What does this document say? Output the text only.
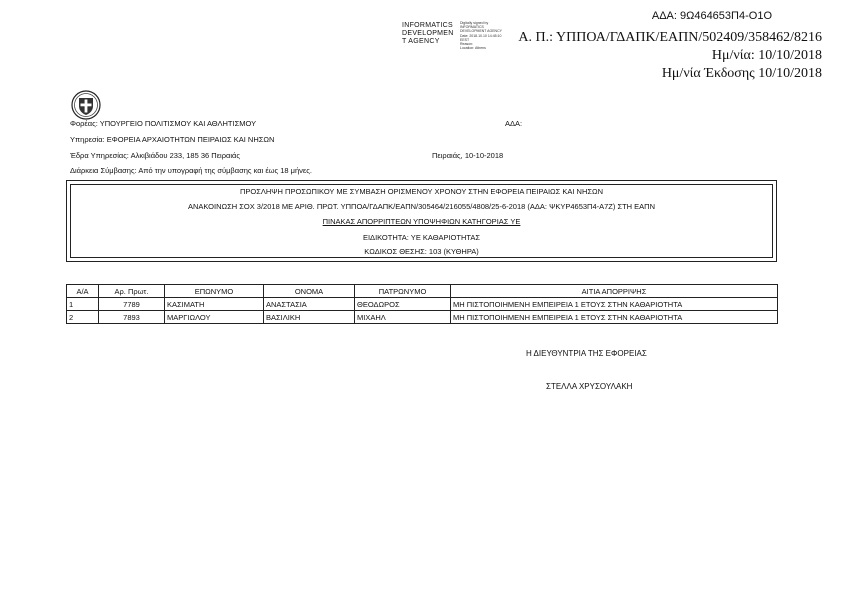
ΑΔΑ: 9Ω464653Π4-Ο1Ο
Α. Π.: ΥΠΠΟΑ/ΓΔΑΠΚ/ΕΑΠΝ/502409/358462/8216
Ημ/νία: 10/10/2018
Ημ/νία Έκδοσης 10/10/2018
INFORMATICS
DEVELOPMEN
T AGENCY
Digitally signed by
INFORMATICS
DEVELOPMENT AGENCY
Date: 2018.10.10 14:45:10
EEST
Reason:
Location: Athens
Φορέας: ΥΠΟΥΡΓΕΙΟ ΠΟΛΙΤΙΣΜΟΥ ΚΑΙ ΑΘΛΗΤΙΣΜΟΥ	ΑΔΑ:
Υπηρεσία: ΕΦΟΡΕΙΑ ΑΡΧΑΙΟΤΗΤΩΝ ΠΕΙΡΑΙΩΣ ΚΑΙ ΝΗΣΩΝ
Έδρα Υπηρεσίας: Αλκιβιάδου 233, 185 36 Πειραιάς	Πειραιάς, 10-10-2018
Διάρκεια Σύμβασης: Από την υπογραφή της σύμβασης και έως 18 μήνες.
ΠΡΟΣΛΗΨΗ ΠΡΟΣΩΠΙΚΟΥ ΜΕ ΣΥΜΒΑΣΗ ΟΡΙΣΜΕΝΟΥ ΧΡΟΝΟΥ ΣΤΗΝ ΕΦΟΡΕΙΑ ΠΕΙΡΑΙΩΣ ΚΑΙ ΝΗΣΩΝ
ΑΝΑΚΟΙΝΩΣΗ ΣΟΧ 3/2018 ΜΕ ΑΡΙΘ. ΠΡΩΤ. ΥΠΠΟΑ/ΓΔΑΠΚ/ΕΑΠΝ/305464/216055/4808/25-6-2018 (ΑΔΑ: ΨΚΥΡ4653Π4-Α7Ζ) ΣΤΗ ΕΑΠΝ
ΠΙΝΑΚΑΣ ΑΠΟΡΡΙΠΤΕΩΝ ΥΠΟΨΗΦΙΩΝ ΚΑΤΗΓΟΡΙΑΣ ΥΕ
ΕΙΔΙΚΟΤΗΤΑ: ΥΕ ΚΑΘΑΡΙΟΤΗΤΑΣ
ΚΩΔΙΚΟΣ ΘΕΣΗΣ: 103 (ΚΥΘΗΡΑ)
Α/Α	Αρ. Πρωτ.	ΕΠΩΝΥΜΟ	ΟΝΟΜΑ	ΠΑΤΡΩΝΥΜΟ	ΑΙΤΙΑ ΑΠΟΡΡΙΨΗΣ
1	7789	ΚΑΣΙΜΑΤΗ	ΑΝΑΣΤΑΣΙΑ	ΘΕΟΔΩΡΟΣ	ΜΗ ΠΙΣΤΟΠΟΙΗΜΕΝΗ ΕΜΠΕΙΡΕΙΑ 1 ΕΤΟΥΣ ΣΤΗΝ ΚΑΘΑΡΙΟΤΗΤΑ
2	7893	ΜΑΡΓΙΩΛΟΥ	ΒΑΣΙΛΙΚΗ	ΜΙΧΑΗΛ	ΜΗ ΠΙΣΤΟΠΟΙΗΜΕΝΗ ΕΜΠΕΙΡΕΙΑ 1 ΕΤΟΥΣ ΣΤΗΝ ΚΑΘΑΡΙΟΤΗΤΑ
Η ΔΙΕΥΘΥΝΤΡΙΑ ΤΗΣ ΕΦΟΡΕΙΑΣ
ΣΤΕΛΛΑ ΧΡΥΣΟΥΛΑΚΗ
